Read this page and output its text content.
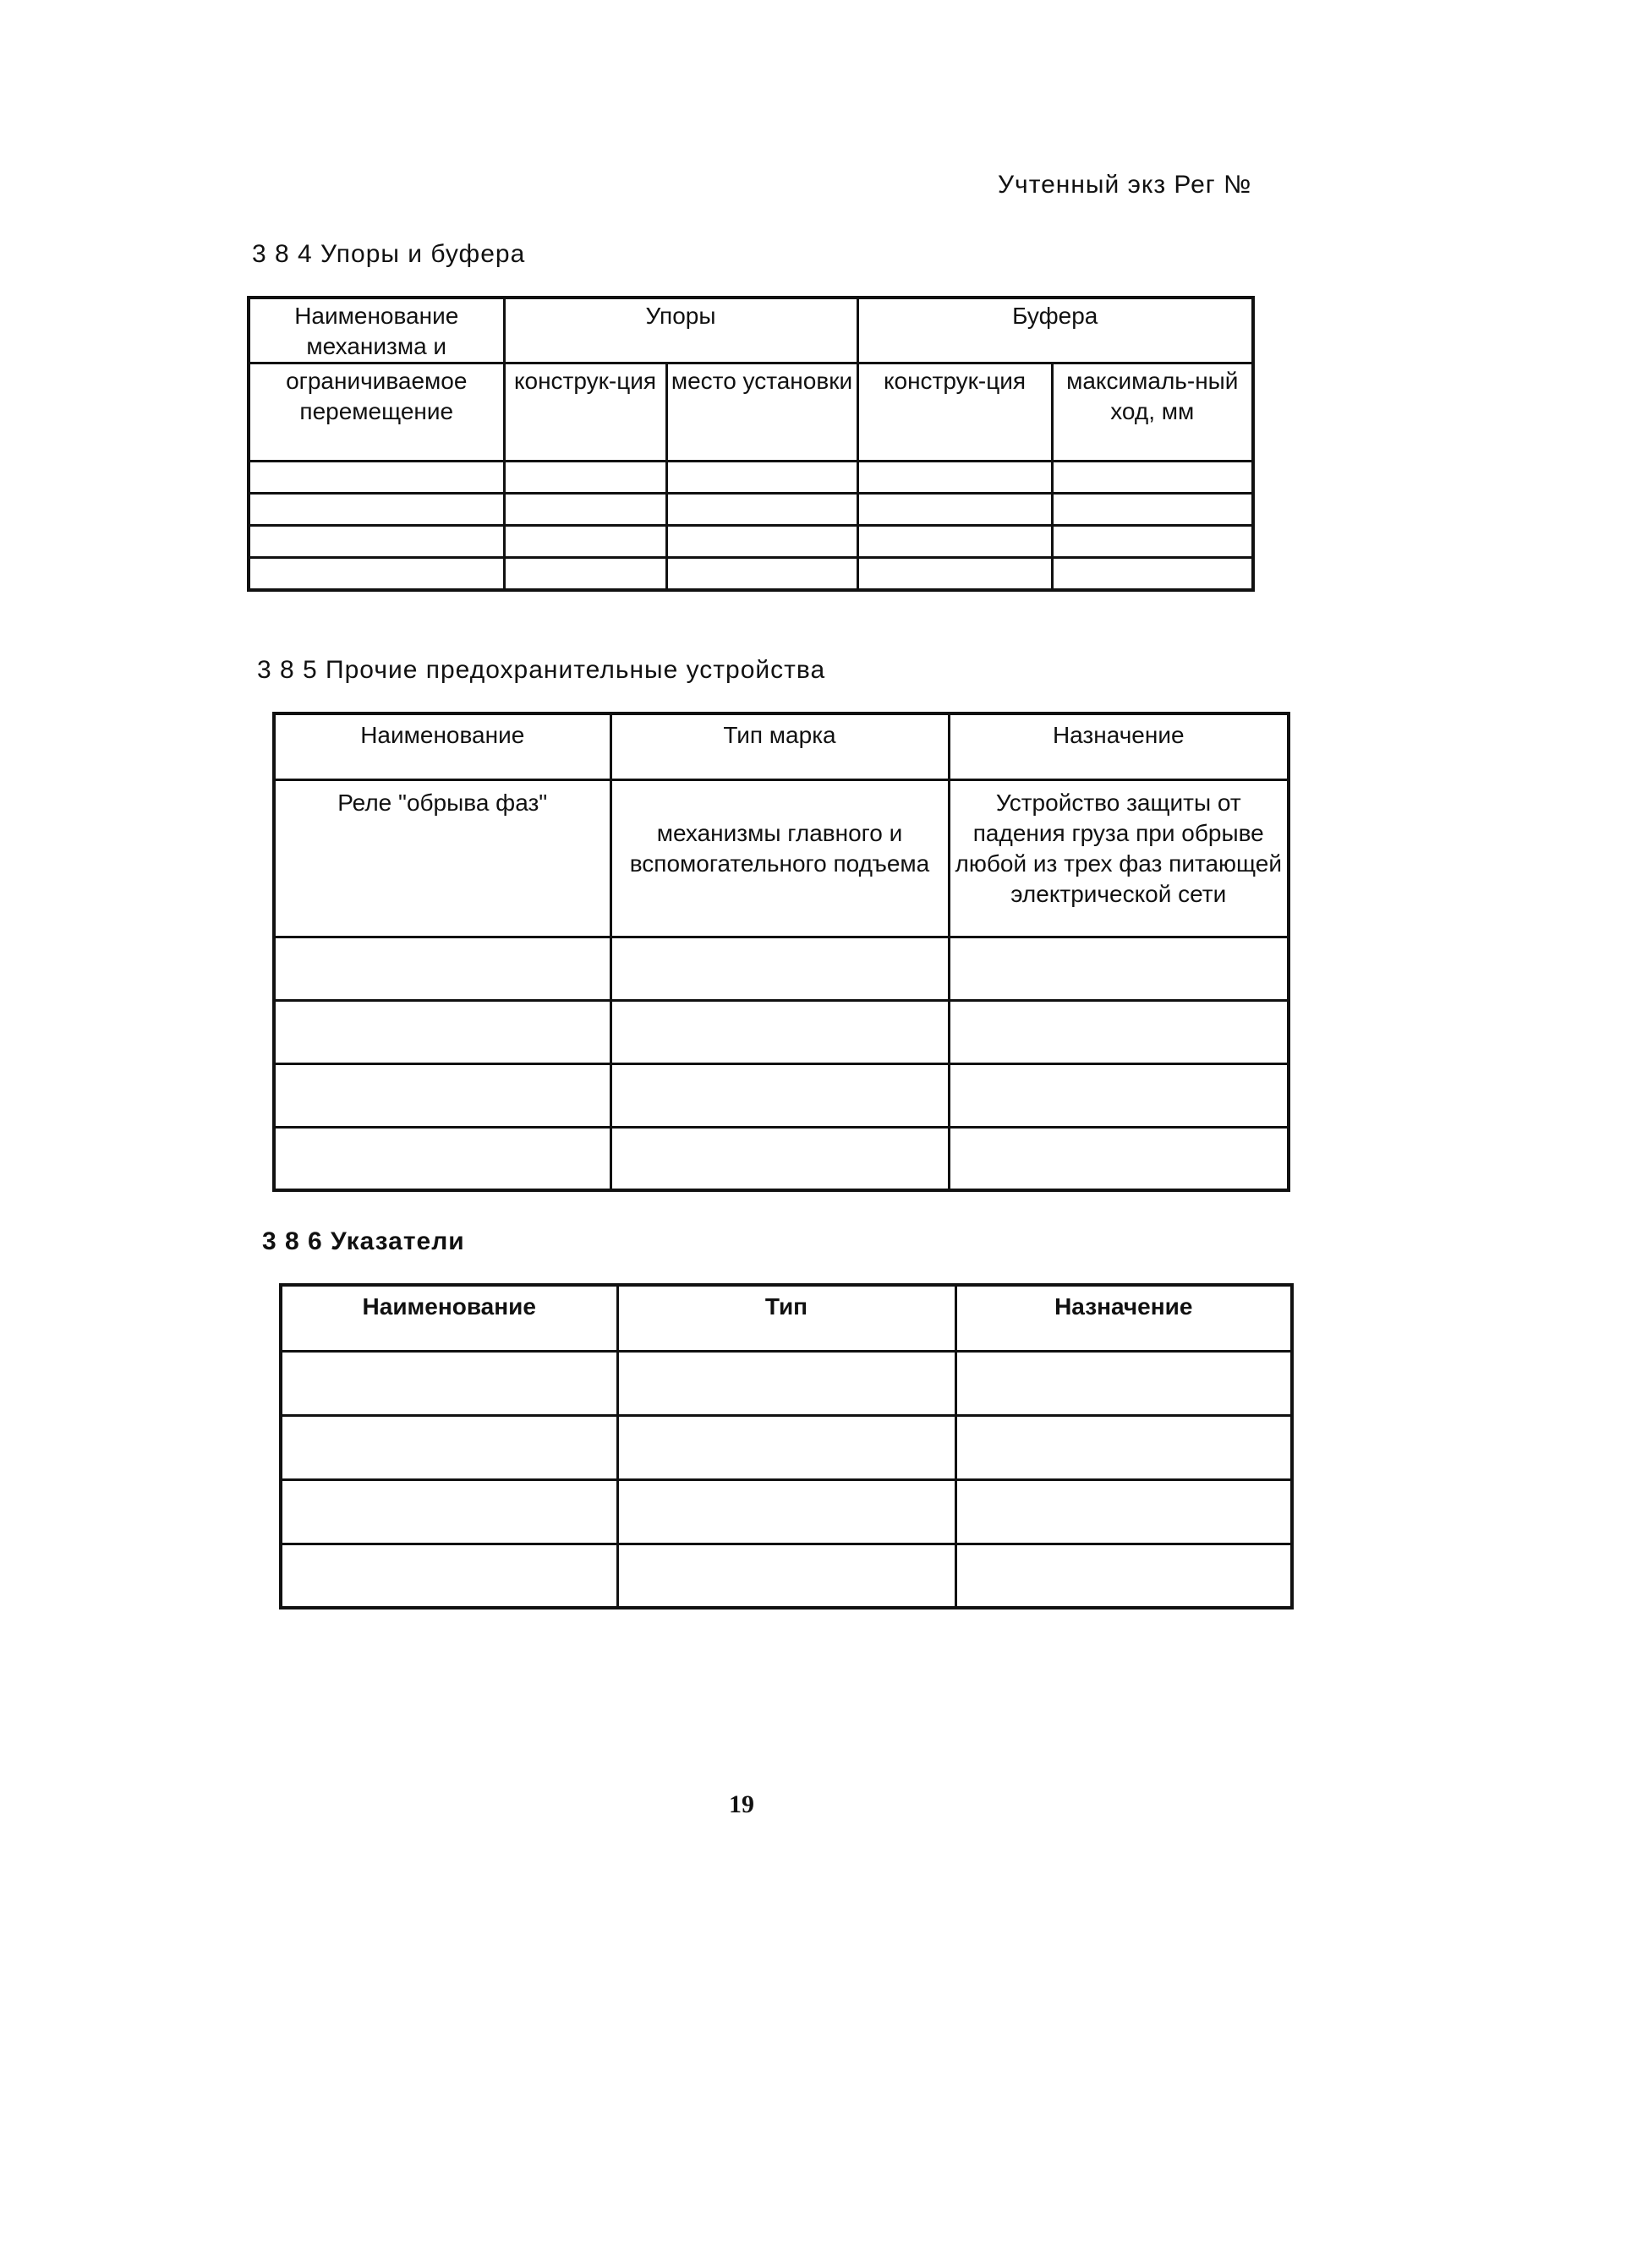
Учтенный экз Рег №
3 8 4 Упоры и буфера
Наименование механизма и	Упоры		Буфера	
ограничиваемое перемещение	конструк-ция	место установки	конструк-ция	максималь-ный ход, мм

3 8 5 Прочие предохранительные устройства
Наименование	Тип марка	Назначение
Реле "обрыва фаз"	механизмы главного и вспомогательного подъема	Устройство защиты от падения груза при обрыве любой из трех фаз питающей электрической сети

3 8 6 Указатели
Наименование	Тип	Назначение

19
